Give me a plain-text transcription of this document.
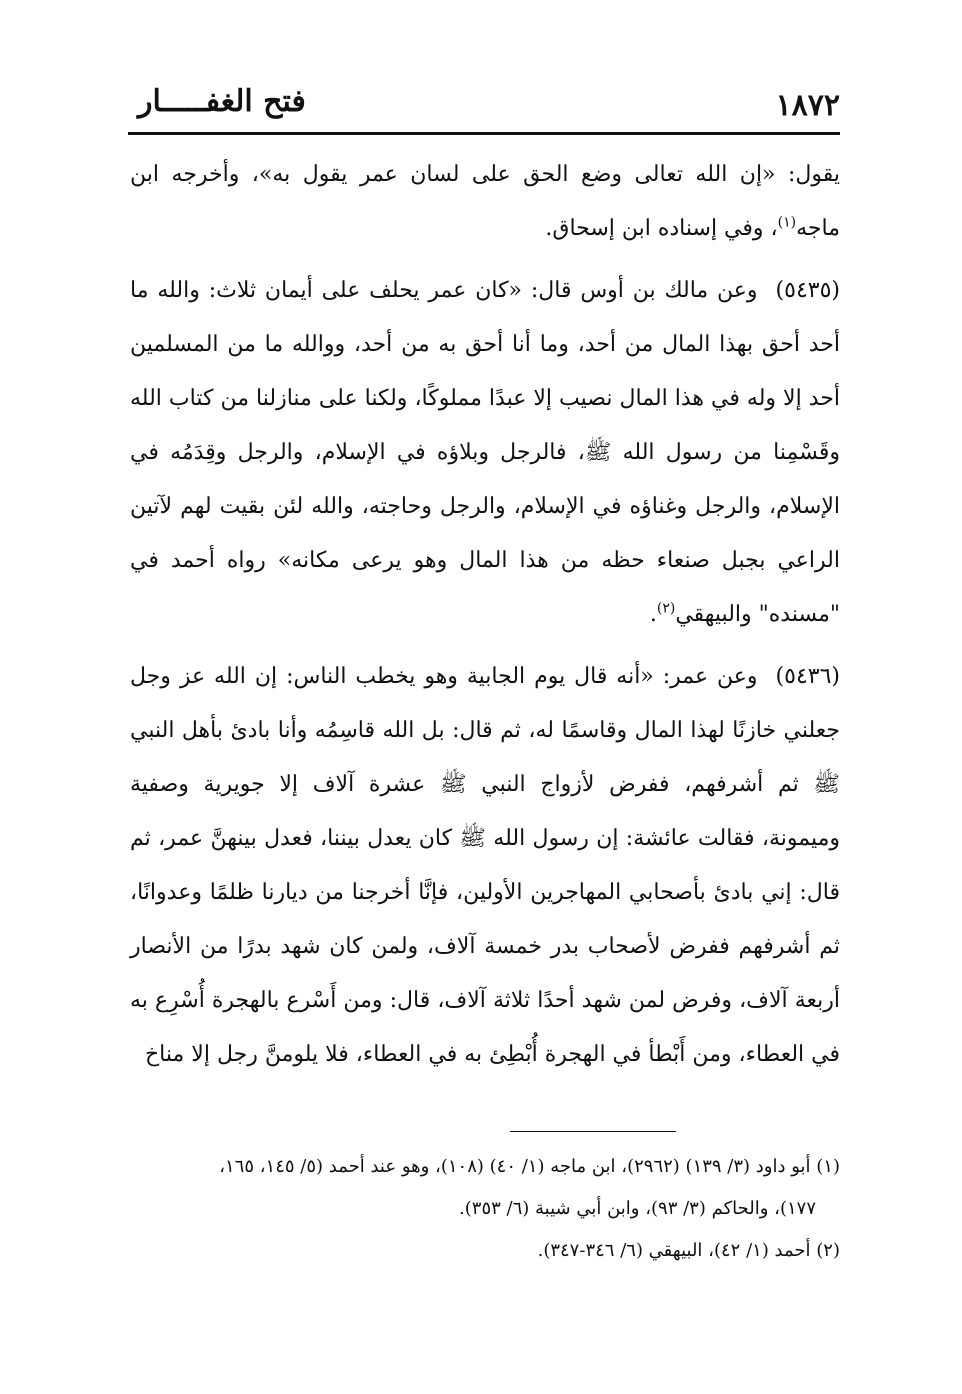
١٨٧٢
فتح الغفـــــار

يقول: «إن الله تعالى وضع الحق على لسان عمر يقول به»، وأخرجه ابن ماجه$^{(١)}$، وفي إسناده ابن إسحاق.

(٥٤٣٥)وعن مالك بن أوس قال: «كان عمر يحلف على أيمان ثلاث: والله ما أحد أحق بهذا المال من أحد، وما أنا أحق به من أحد، ووالله ما من المسلمين أحد إلا وله في هذا المال نصيب إلا عبدًا مملوكًا، ولكنا على منازلنا من كتاب الله وقَسْمِنا من رسول الله ﷺ، فالرجل وبلاؤه في الإسلام، والرجل وقِدَمُه في الإسلام، والرجل وغناؤه في الإسلام، والرجل وحاجته، والله لئن بقيت لهم لآتين الراعي بجبل صنعاء حظه من هذا المال وهو يرعى مكانه» رواه أحمد في "مسنده" والبيهقي$^{(٢)}$.

(٥٤٣٦)وعن عمر: «أنه قال يوم الجابية وهو يخطب الناس: إن الله عز وجل جعلني خازنًا لهذا المال وقاسمًا له، ثم قال: بل الله قاسِمُه وأنا بادئ بأهل النبي ﷺ ثم أشرفهم، ففرض لأزواج النبي ﷺ عشرة آلاف إلا جويرية وصفية وميمونة، فقالت عائشة: إن رسول الله ﷺ كان يعدل بيننا، فعدل بينهنَّ عمر، ثم قال: إني بادئ بأصحابي المهاجرين الأولين، فإنَّا أخرجنا من ديارنا ظلمًا وعدوانًا، ثم أشرفهم ففرض لأصحاب بدر خمسة آلاف، ولمن كان شهد بدرًا من الأنصار أربعة آلاف، وفرض لمن شهد أحدًا ثلاثة آلاف، قال: ومن أَسْرع بالهجرة أُسْرِع به في العطاء، ومن أَبْطأ في الهجرة أُبْطِئ به في العطاء، فلا يلومنَّ رجل إلا مناخ

(١) أبو داود (٣/ ١٣٩) (٢٩٦٢)، ابن ماجه (١/ ٤٠) (١٠٨)، وهو عند أحمد (٥/ ١٤٥، ١٦٥،
١٧٧)، والحاكم (٣/ ٩٣)، وابن أبي شيبة (٦/ ٣٥٣).
(٢) أحمد (١/ ٤٢)، البيهقي (٦/ ٣٤٦-٣٤٧).
